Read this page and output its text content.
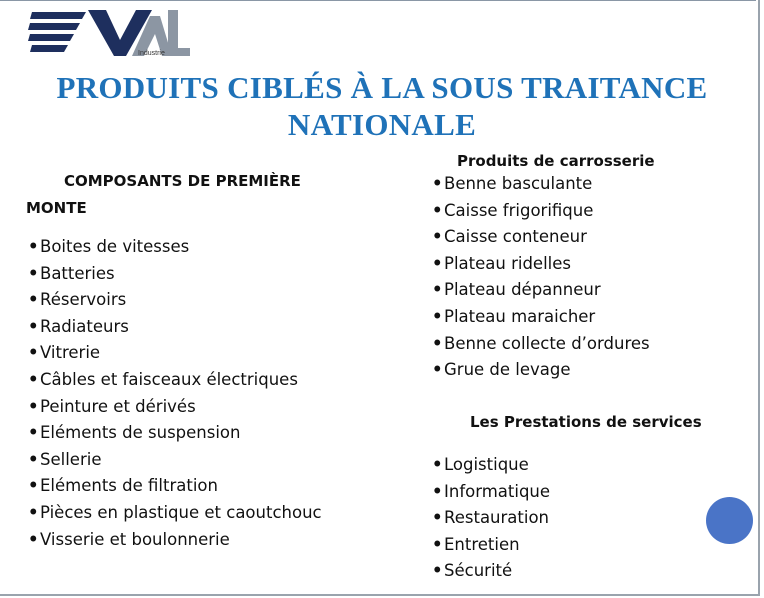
Industrie
PRODUITS CIBLÉS À LA SOUS TRAITANCE
NATIONALE
COMPOSANTS DE PREMIÈRE
MONTE
•Boites de vitesses
•Batteries
•Réservoirs
•Radiateurs
•Vitrerie
•Câbles et faisceaux électriques
•Peinture et dérivés
•Eléments de suspension
•Sellerie
•Eléments de filtration
•Pièces en plastique et caoutchouc
•Visserie et boulonnerie
Produits de carrosserie
•Benne basculante
•Caisse frigorifique
•Caisse conteneur
•Plateau ridelles
•Plateau dépanneur
•Plateau maraicher
•Benne collecte d’ordures
•Grue de levage
Les Prestations de services
•Logistique
•Informatique
•Restauration
•Entretien
•Sécurité
